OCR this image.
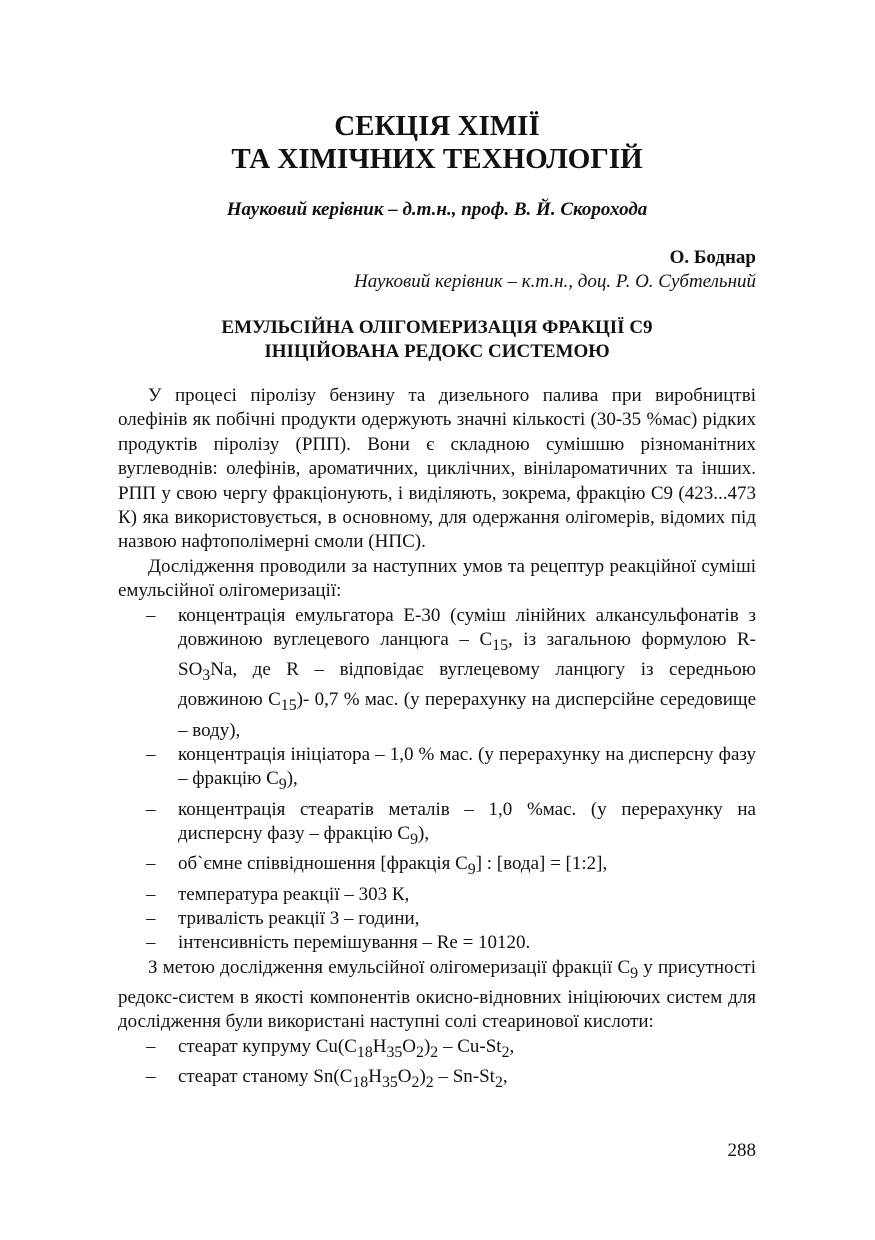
СЕКЦІЯ ХІМІЇ
ТА ХІМІЧНИХ ТЕХНОЛОГІЙ

Науковий керівник – д.т.н., проф. В. Й. Скорохода

О. Боднар

Науковий керівник – к.т.н., доц. Р. О. Субтельний

ЕМУЛЬСІЙНА ОЛІГОМЕРИЗАЦІЯ ФРАКЦІЇ С9
ІНІЦІЙОВАНА РЕДОКС СИСТЕМОЮ

У процесі піролізу бензину та дизельного палива при виробництві олефінів як побічні продукти одержують значні кількості (30-35 %мас) рідких продуктів піролізу (РПП). Вони є складною сумішшю різноманітних вуглеводнів: олефінів, ароматичних, циклічних, вінілароматичних та інших. РПП у свою чергу фракціонують, і виділяють, зокрема, фракцію С9 (423...473 К) яка використовується, в основному, для одержання олігомерів, відомих під назвою нафтополімерні смоли (НПС).

Дослідження проводили за наступних умов та рецептур реакційної суміші емульсійної олігомеризації:

– концентрація емульгатора Е-30 (суміш лінійних алкансульфонатів з довжиною вуглецевого ланцюга – $С_{15}$, із загальною формулою $R-SO_3Na$, де R – відповідає вуглецевому ланцюгу із середньою довжиною $С_{15})-$ 0,7 % мас. (у перерахунку на дисперсійне середовище – воду),
– концентрація ініціатора – 1,0 % мас. (у перерахунку на дисперсну фазу – фракцію $С_9$),
– концентрація стеаратів металів – 1,0 %мас. (у перерахунку на дисперсну фазу – фракцію $С_9$),
– об`ємне співвідношення [фракція $С_9$] : [вода] = [1:2],
– температура реакції – 303 К,
– тривалість реакції 3 – години,
– інтенсивність перемішування – Re = 10120.

З метою дослідження емульсійної олігомеризації фракції $С_9$ у присутності редокс-систем в якості компонентів окисно-відновних ініціюючих систем для дослідження були використані наступні солі стеаринової кислоти:

– стеарат купруму $Cu(C_{18}H_{35}O_2)_2 - Cu-St_2$,
– стеарат станому $Sn(C_{18}H_{35}O_2)_2 - Sn-St_2$,
288
